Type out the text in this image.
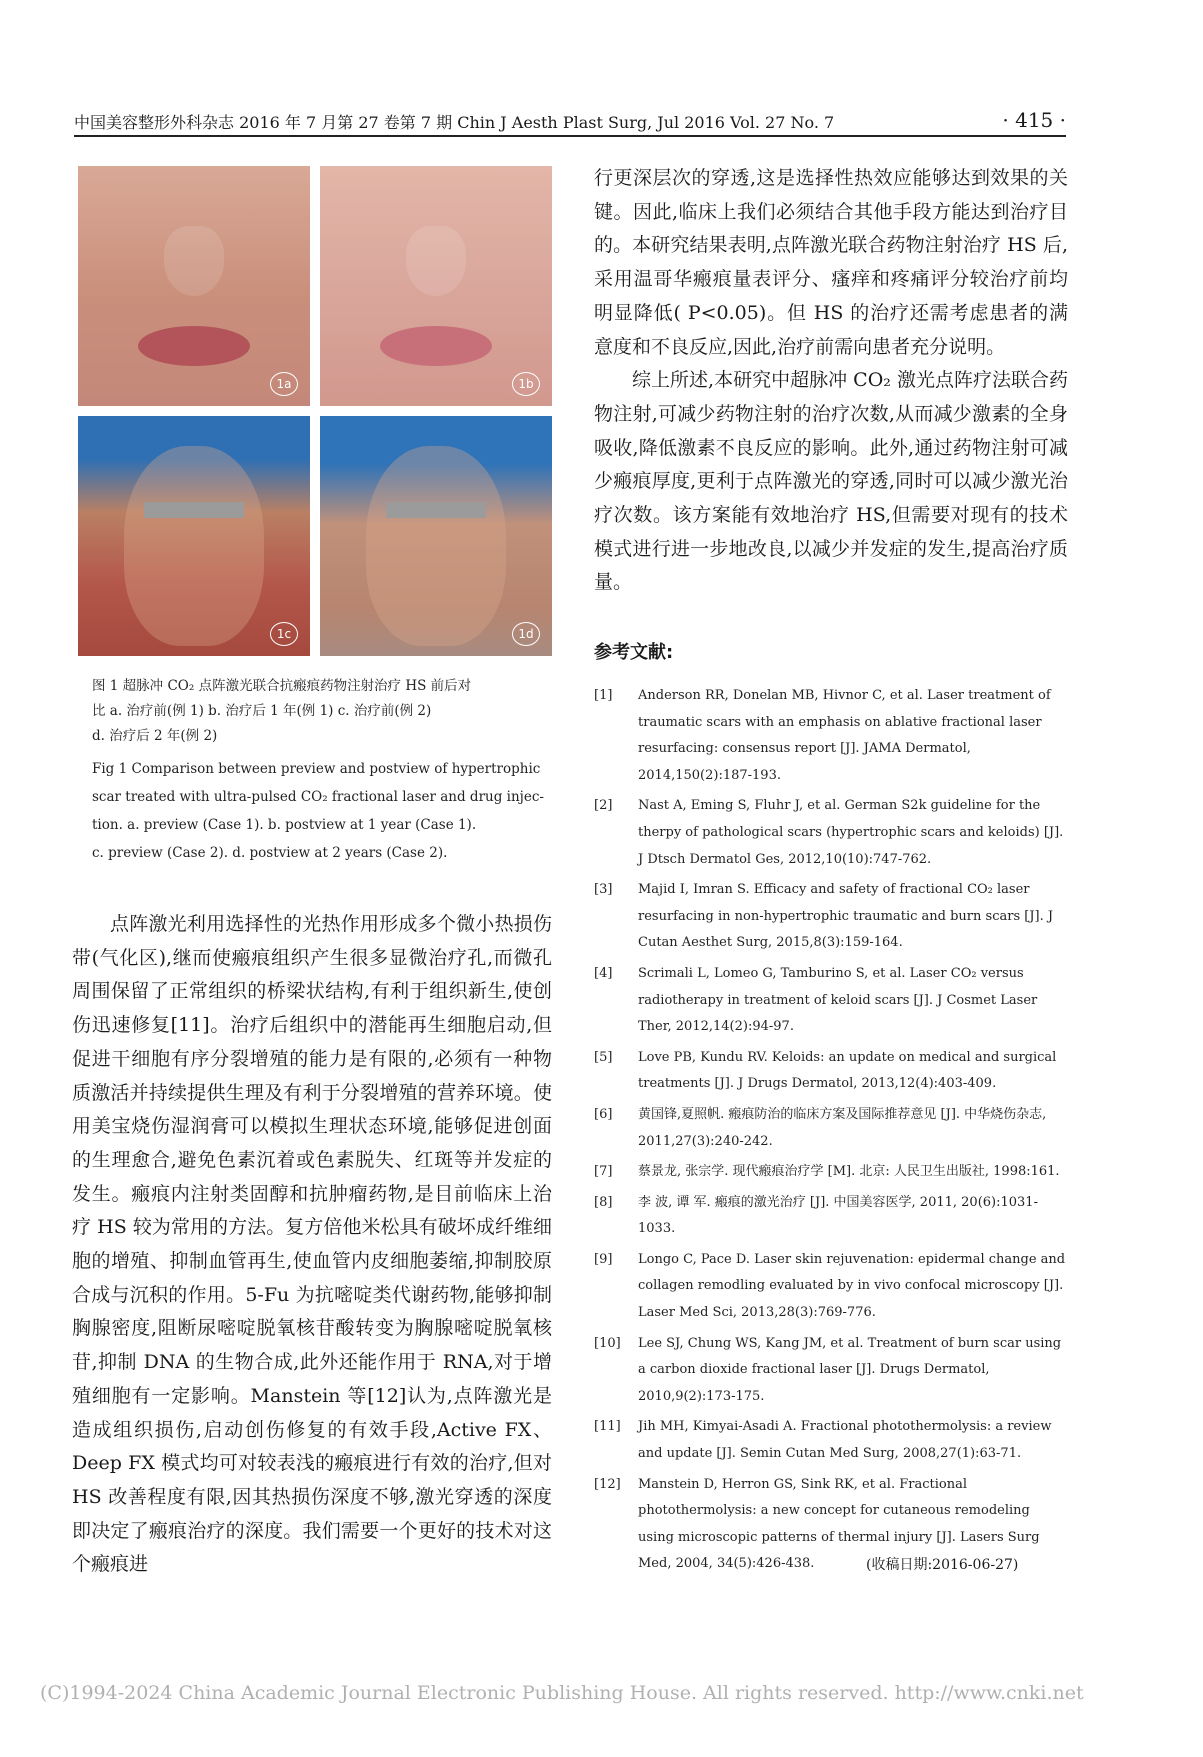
中国美容整形外科杂志 2016 年 7 月第 27 卷第 7 期 Chin J Aesth Plast Surg, Jul 2016 Vol. 27 No. 7	· 415 ·
1a	1b
1c	1d
图 1 超脉冲 CO₂ 点阵激光联合抗瘢痕药物注射治疗 HS 前后对
比 a. 治疗前(例 1) b. 治疗后 1 年(例 1) c. 治疗前(例 2)
d. 治疗后 2 年(例 2)
Fig 1 Comparison between preview and postview of hypertrophic
scar treated with ultra-pulsed CO₂ fractional laser and drug injec-
tion. a. preview (Case 1). b. postview at 1 year (Case 1).
c. preview (Case 2). d. postview at 2 years (Case 2).

点阵激光利用选择性的光热作用形成多个微小热损伤带(气化区),继而使瘢痕组织产生很多显微治疗孔,而微孔周围保留了正常组织的桥梁状结构,有利于组织新生,使创伤迅速修复[11]。治疗后组织中的潜能再生细胞启动,但促进干细胞有序分裂增殖的能力是有限的,必须有一种物质激活并持续提供生理及有利于分裂增殖的营养环境。使用美宝烧伤湿润膏可以模拟生理状态环境,能够促进创面的生理愈合,避免色素沉着或色素脱失、红斑等并发症的发生。瘢痕内注射类固醇和抗肿瘤药物,是目前临床上治疗 HS 较为常用的方法。复方倍他米松具有破坏成纤维细胞的增殖、抑制血管再生,使血管内皮细胞萎缩,抑制胶原合成与沉积的作用。5-Fu 为抗嘧啶类代谢药物,能够抑制胸腺密度,阻断尿嘧啶脱氧核苷酸转变为胸腺嘧啶脱氧核苷,抑制 DNA 的生物合成,此外还能作用于 RNA,对于增殖细胞有一定影响。Manstein 等[12]认为,点阵激光是造成组织损伤,启动创伤修复的有效手段,Active FX、Deep FX 模式均可对较表浅的瘢痕进行有效的治疗,但对 HS 改善程度有限,因其热损伤深度不够,激光穿透的深度即决定了瘢痕治疗的深度。我们需要一个更好的技术对这个瘢痕进

行更深层次的穿透,这是选择性热效应能够达到效果的关键。因此,临床上我们必须结合其他手段方能达到治疗目的。本研究结果表明,点阵激光联合药物注射治疗 HS 后,采用温哥华瘢痕量表评分、瘙痒和疼痛评分较治疗前均明显降低( P<0.05)。但 HS 的治疗还需考虑患者的满意度和不良反应,因此,治疗前需向患者充分说明。

综上所述,本研究中超脉冲 CO₂ 激光点阵疗法联合药物注射,可减少药物注射的治疗次数,从而减少激素的全身吸收,降低激素不良反应的影响。此外,通过药物注射可减少瘢痕厚度,更利于点阵激光的穿透,同时可以减少激光治疗次数。该方案能有效地治疗 HS,但需要对现有的技术模式进行进一步地改良,以减少并发症的发生,提高治疗质量。

参考文献:
[1] Anderson RR, Donelan MB, Hivnor C, et al. Laser treatment of traumatic scars with an emphasis on ablative fractional laser resurfacing: consensus report [J]. JAMA Dermatol, 2014,150(2):187-193.
[2] Nast A, Eming S, Fluhr J, et al. German S2k guideline for the therpy of pathological scars (hypertrophic scars and keloids) [J]. J Dtsch Dermatol Ges, 2012,10(10):747-762.
[3] Majid I, Imran S. Efficacy and safety of fractional CO₂ laser resurfacing in non-hypertrophic traumatic and burn scars [J]. J Cutan Aesthet Surg, 2015,8(3):159-164.
[4] Scrimali L, Lomeo G, Tamburino S, et al. Laser CO₂ versus radiotherapy in treatment of keloid scars [J]. J Cosmet Laser Ther, 2012,14(2):94-97.
[5] Love PB, Kundu RV. Keloids: an update on medical and surgical treatments [J]. J Drugs Dermatol, 2013,12(4):403-409.
[6] 黄国锋,夏照帆. 瘢痕防治的临床方案及国际推荐意见 [J]. 中华烧伤杂志, 2011,27(3):240-242.
[7] 蔡景龙, 张宗学. 现代瘢痕治疗学 [M]. 北京: 人民卫生出版社, 1998:161.
[8] 李 波, 谭 军. 瘢痕的激光治疗 [J]. 中国美容医学, 2011, 20(6):1031-1033.
[9] Longo C, Pace D. Laser skin rejuvenation: epidermal change and collagen remodling evaluated by in vivo confocal microscopy [J]. Laser Med Sci, 2013,28(3):769-776.
[10] Lee SJ, Chung WS, Kang JM, et al. Treatment of burn scar using a carbon dioxide fractional laser [J]. Drugs Dermatol, 2010,9(2):173-175.
[11] Jih MH, Kimyai-Asadi A. Fractional photothermolysis: a review and update [J]. Semin Cutan Med Surg, 2008,27(1):63-71.
[12] Manstein D, Herron GS, Sink RK, et al. Fractional photothermolysis: a new concept for cutaneous remodeling using microscopic patterns of thermal injury [J]. Lasers Surg Med, 2004, 34(5):426-438.	(收稿日期:2016-06-27)
(C)1994-2024 China Academic Journal Electronic Publishing House. All rights reserved. http://www.cnki.net
